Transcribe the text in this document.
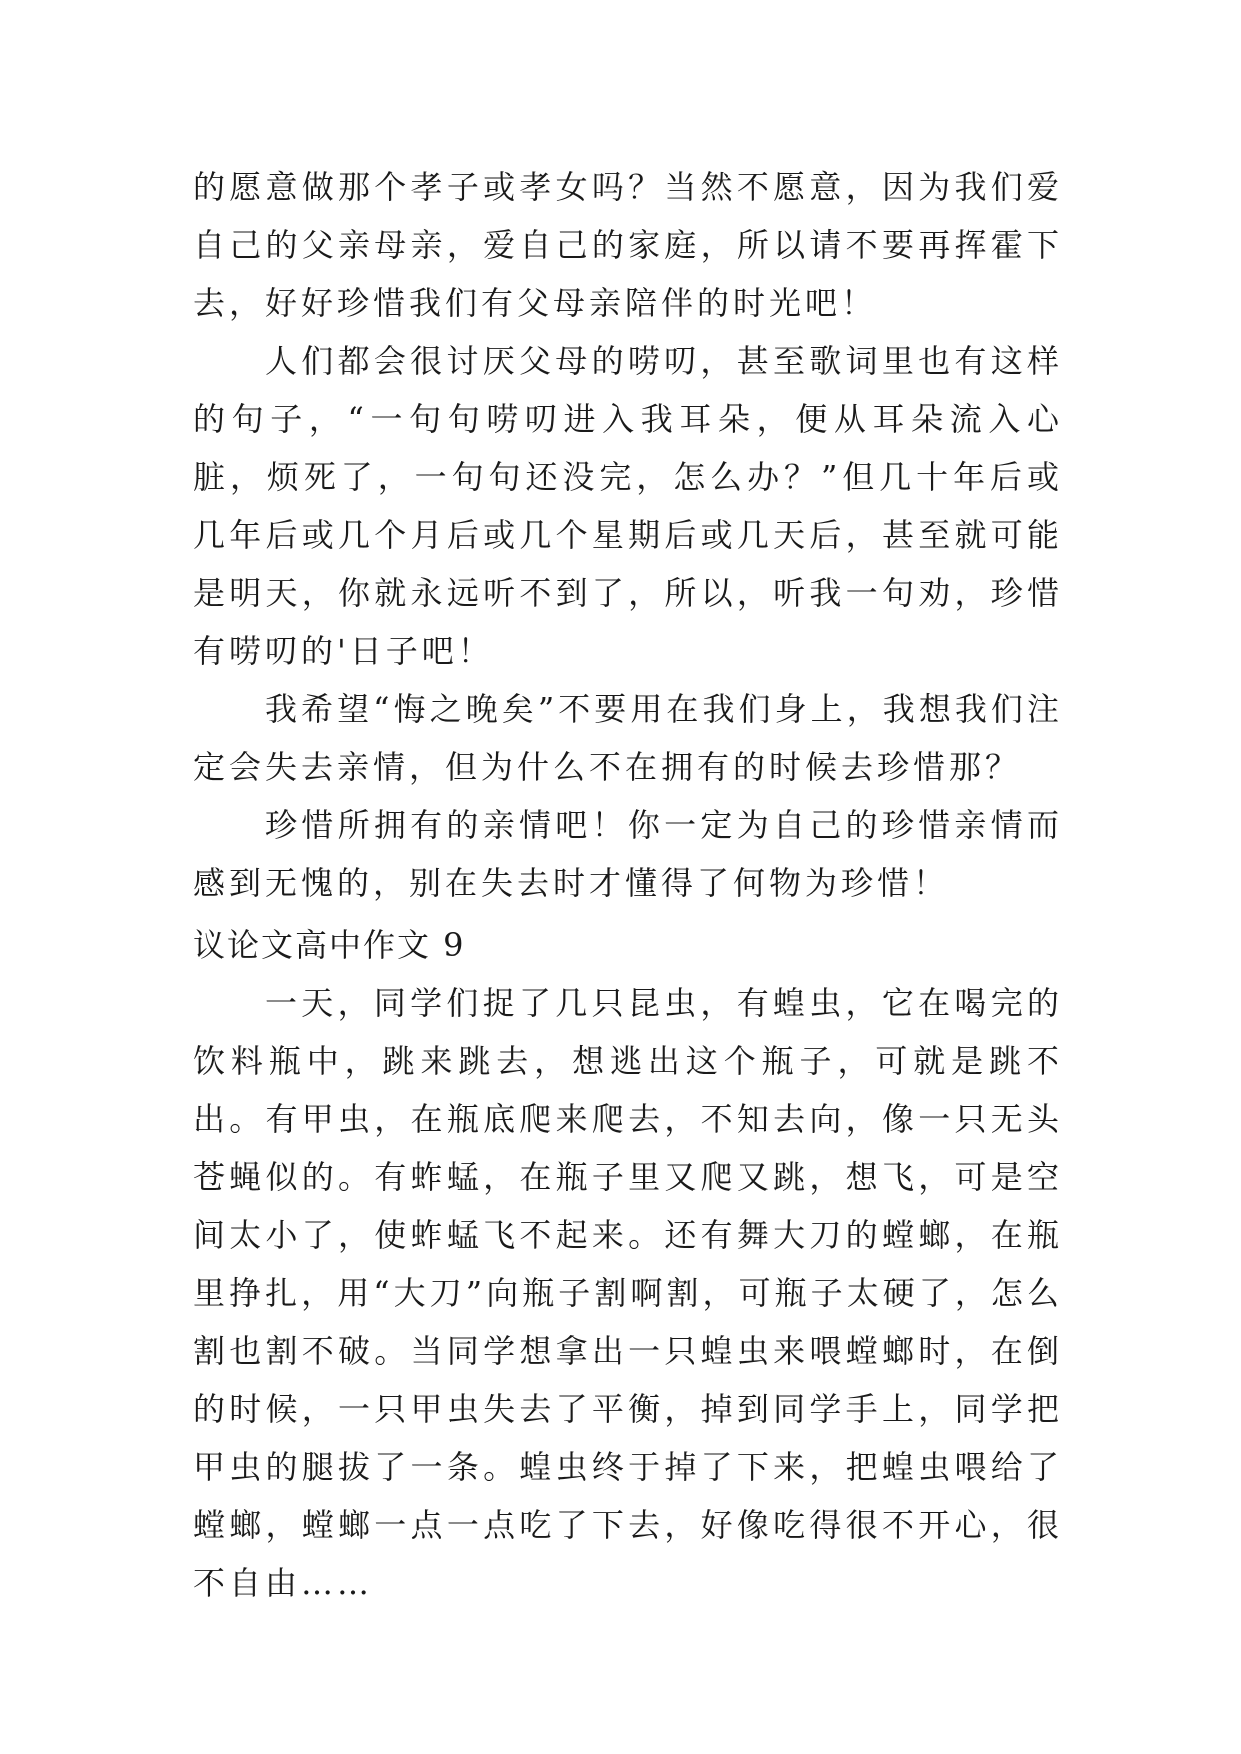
的愿意做那个孝子或孝女吗？当然不愿意，因为我们爱自己的父亲母亲，爱自己的家庭，所以请不要再挥霍下去，好好珍惜我们有父母亲陪伴的时光吧！

人们都会很讨厌父母的唠叨，甚至歌词里也有这样的句子，“一句句唠叨进入我耳朵，便从耳朵流入心脏，烦死了，一句句还没完，怎么办？”但几十年后或几年后或几个月后或几个星期后或几天后，甚至就可能是明天，你就永远听不到了，所以，听我一句劝，珍惜有唠叨的'日子吧！

我希望“悔之晚矣”不要用在我们身上，我想我们注定会失去亲情，但为什么不在拥有的时候去珍惜那？

珍惜所拥有的亲情吧！你一定为自己的珍惜亲情而感到无愧的，别在失去时才懂得了何物为珍惜！

议论文高中作文 9

一天，同学们捉了几只昆虫，有蝗虫，它在喝完的饮料瓶中，跳来跳去，想逃出这个瓶子，可就是跳不出。有甲虫，在瓶底爬来爬去，不知去向，像一只无头苍蝇似的。有蚱蜢，在瓶子里又爬又跳，想飞，可是空间太小了，使蚱蜢飞不起来。还有舞大刀的螳螂，在瓶里挣扎，用“大刀”向瓶子割啊割，可瓶子太硬了，怎么割也割不破。当同学想拿出一只蝗虫来喂螳螂时，在倒的时候，一只甲虫失去了平衡，掉到同学手上，同学把甲虫的腿拔了一条。蝗虫终于掉了下来，把蝗虫喂给了螳螂，螳螂一点一点吃了下去，好像吃得很不开心，很不自由……
